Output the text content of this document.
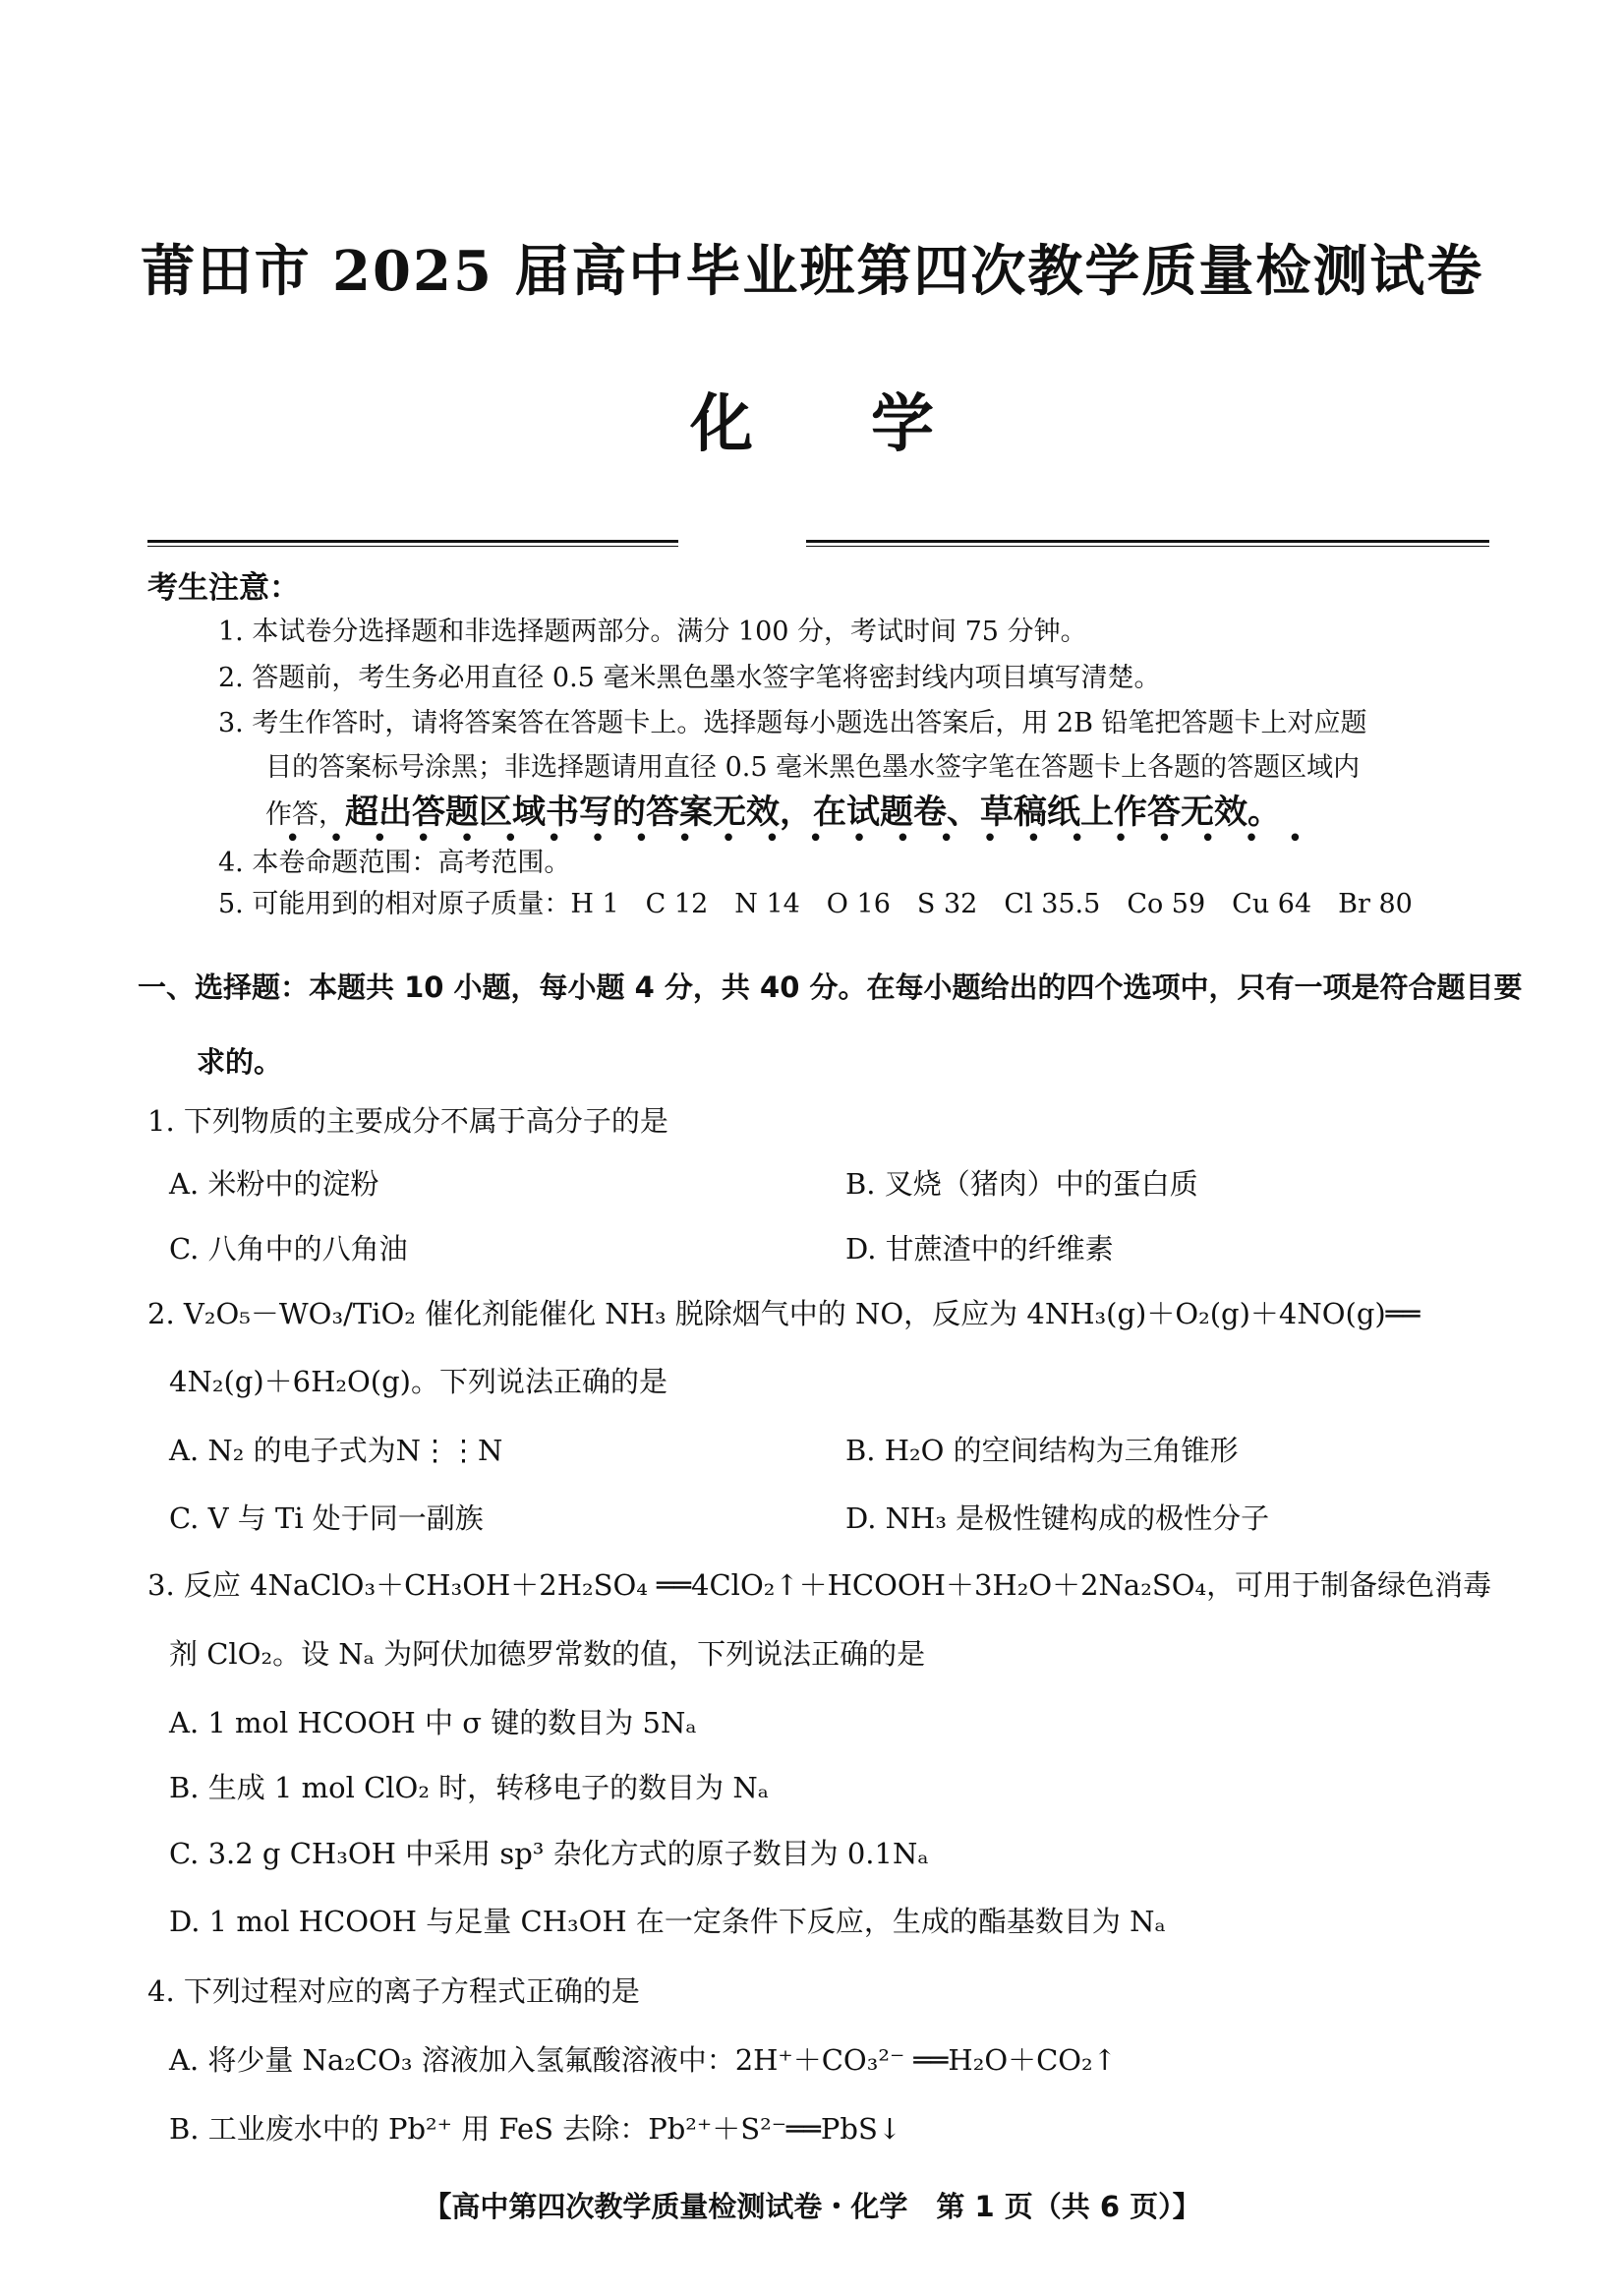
莆田市 2025 届高中毕业班第四次教学质量检测试卷
化学
考生注意：
1. 本试卷分选择题和非选择题两部分。满分 100 分，考试时间 75 分钟。
2. 答题前，考生务必用直径 0.5 毫米黑色墨水签字笔将密封线内项目填写清楚。
3. 考生作答时，请将答案答在答题卡上。选择题每小题选出答案后，用 2B 铅笔把答题卡上对应题
目的答案标号涂黑；非选择题请用直径 0.5 毫米黑色墨水签字笔在答题卡上各题的答题区域内
作答，超出答题区域书写的答案无效，在试题卷、草稿纸上作答无效。
••••••••••••••••••••••••
4. 本卷命题范围：高考范围。
5. 可能用到的相对原子质量：H 1　C 12　N 14　O 16　S 32　Cl 35.5　Co 59　Cu 64　Br 80
一、选择题：本题共 10 小题，每小题 4 分，共 40 分。在每小题给出的四个选项中，只有一项是符合题目要
求的。
1. 下列物质的主要成分不属于高分子的是
A. 米粉中的淀粉	B. 叉烧（猪肉）中的蛋白质
C. 八角中的八角油	D. 甘蔗渣中的纤维素
2. V₂O₅－WO₃/TiO₂ 催化剂能催化 NH₃ 脱除烟气中的 NO，反应为 4NH₃(g)＋O₂(g)＋4NO(g)══
4N₂(g)＋6H₂O(g)。下列说法正确的是
A. N₂ 的电子式为N⋮⋮N	B. H₂O 的空间结构为三角锥形
C. V 与 Ti 处于同一副族	D. NH₃ 是极性键构成的极性分子
3. 反应 4NaClO₃＋CH₃OH＋2H₂SO₄ ══4ClO₂↑＋HCOOH＋3H₂O＋2Na₂SO₄，可用于制备绿色消毒
剂 ClO₂。设 Nₐ 为阿伏加德罗常数的值，下列说法正确的是
A. 1 mol HCOOH 中 σ 键的数目为 5Nₐ
B. 生成 1 mol ClO₂ 时，转移电子的数目为 Nₐ
C. 3.2 g CH₃OH 中采用 sp³ 杂化方式的原子数目为 0.1Nₐ
D. 1 mol HCOOH 与足量 CH₃OH 在一定条件下反应，生成的酯基数目为 Nₐ
4. 下列过程对应的离子方程式正确的是
A. 将少量 Na₂CO₃ 溶液加入氢氟酸溶液中：2H⁺＋CO₃²⁻ ══H₂O＋CO₂↑
B. 工业废水中的 Pb²⁺ 用 FeS 去除：Pb²⁺＋S²⁻══PbS↓
【高中第四次教学质量检测试卷・化学　第 1 页（共 6 页）】
